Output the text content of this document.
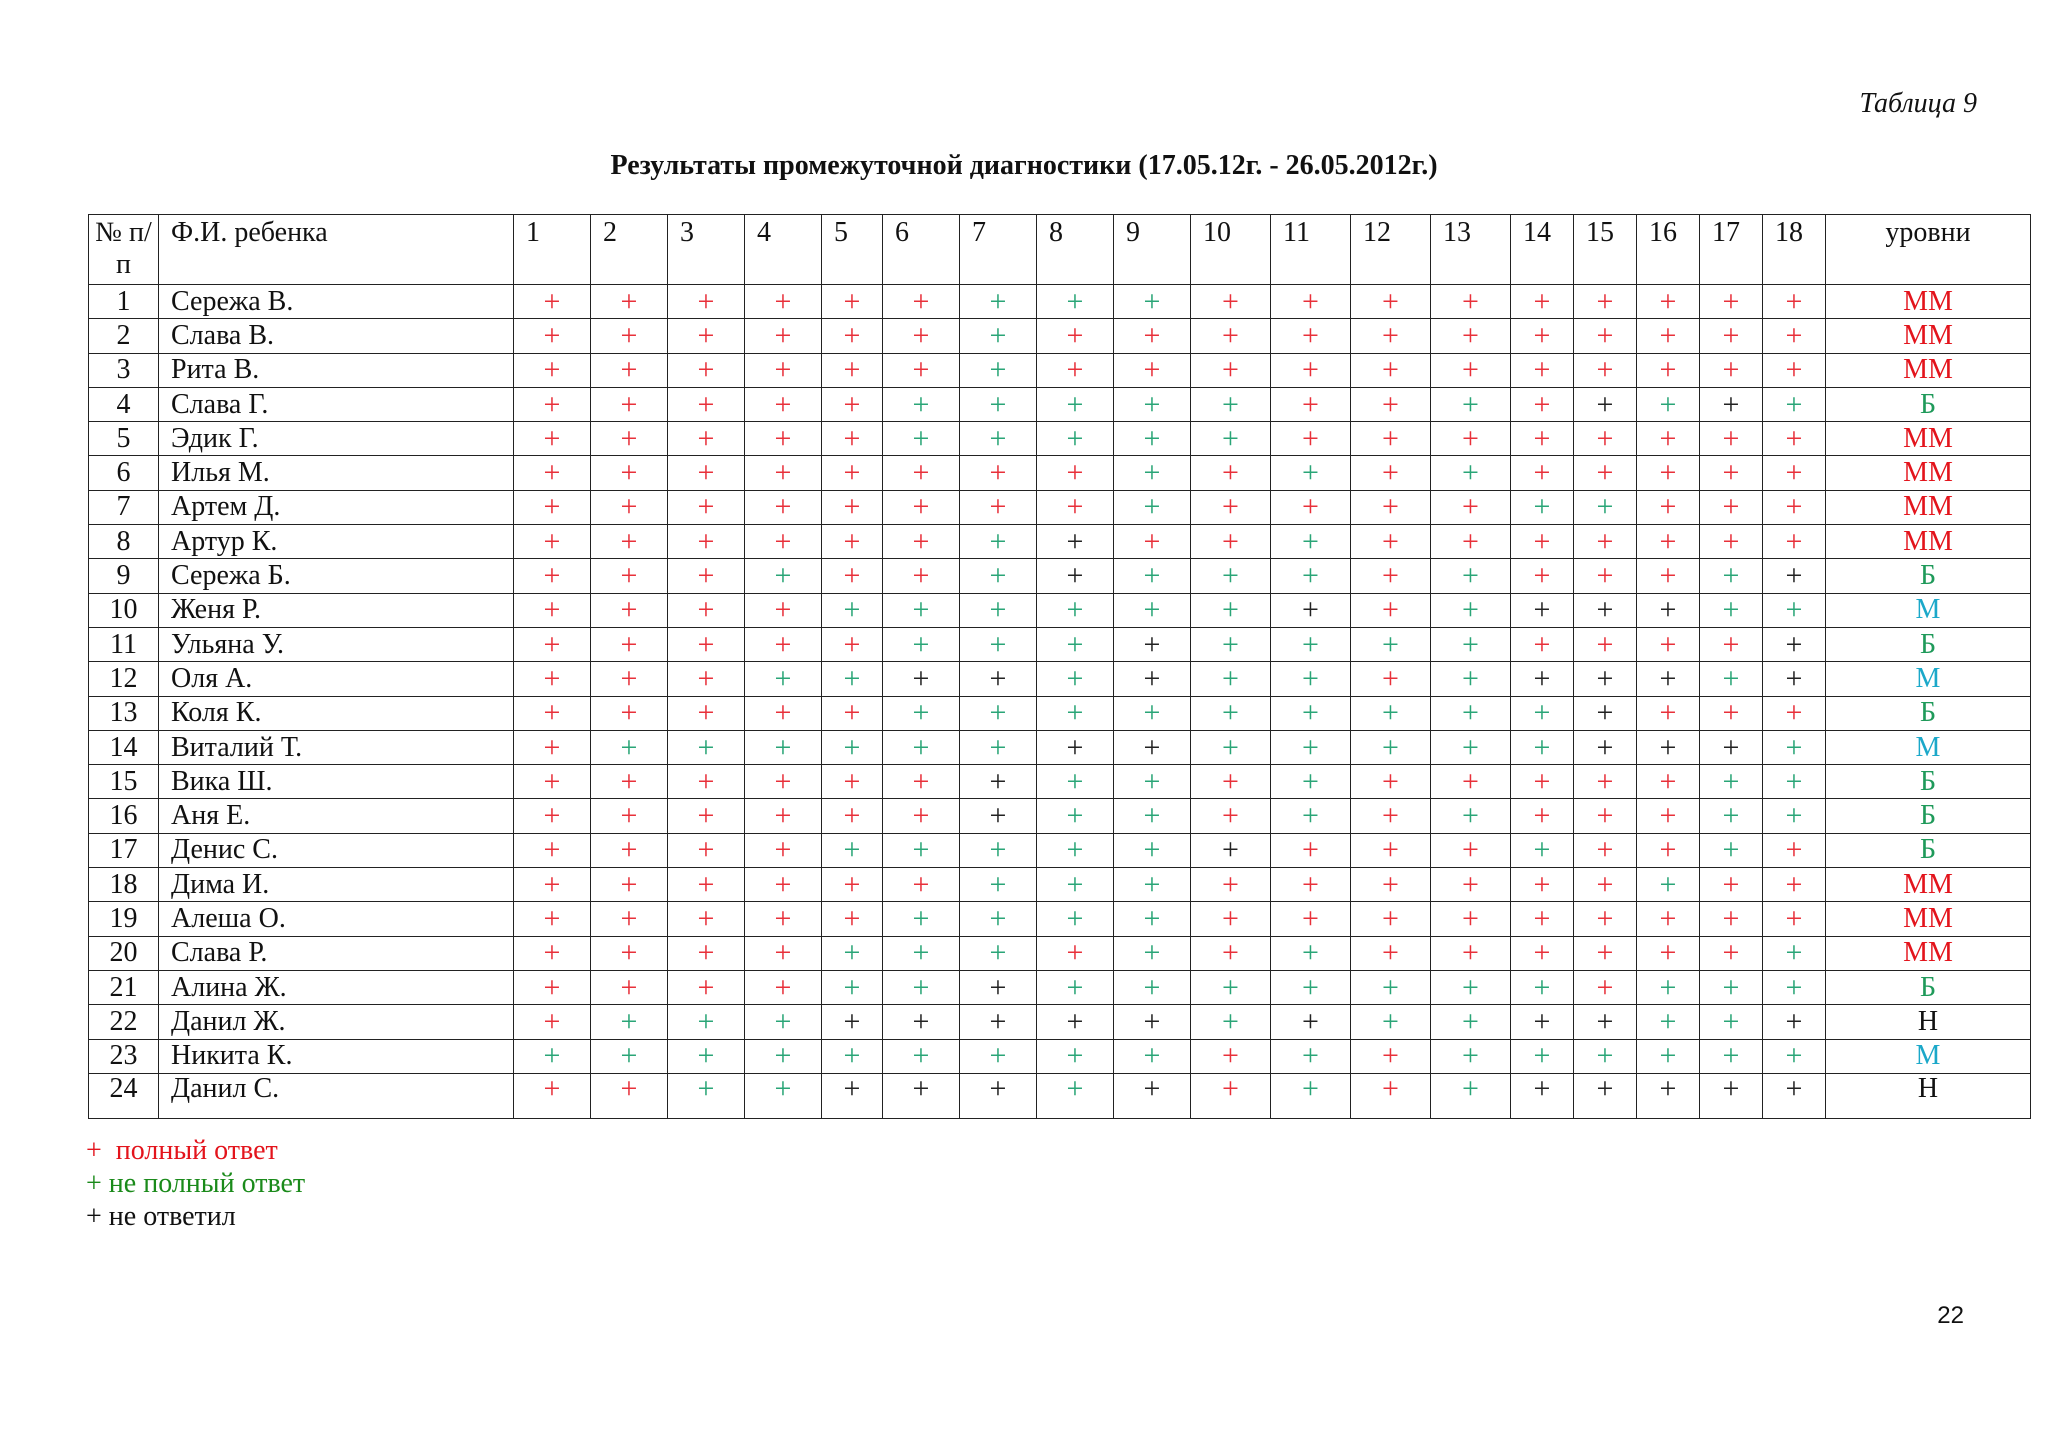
Таблица 9
Результаты промежуточной диагностики (17.05.12г. - 26.05.2012г.)
№ п/п	Ф.И. ребенка	1	2	3	4	5	6	7	8	9	10	11	12	13	14	15	16	17	18	уровни
1	Сережа В.	+	+	+	+	+	+	+	+	+	+	+	+	+	+	+	+	+	+	ММ
2	Слава В.	+	+	+	+	+	+	+	+	+	+	+	+	+	+	+	+	+	+	ММ
3	Рита В.	+	+	+	+	+	+	+	+	+	+	+	+	+	+	+	+	+	+	ММ
4	Слава Г.	+	+	+	+	+	+	+	+	+	+	+	+	+	+	+	+	+	+	Б
5	Эдик Г.	+	+	+	+	+	+	+	+	+	+	+	+	+	+	+	+	+	+	ММ
6	Илья М.	+	+	+	+	+	+	+	+	+	+	+	+	+	+	+	+	+	+	ММ
7	Артем Д.	+	+	+	+	+	+	+	+	+	+	+	+	+	+	+	+	+	+	ММ
8	Артур К.	+	+	+	+	+	+	+	+	+	+	+	+	+	+	+	+	+	+	ММ
9	Сережа Б.	+	+	+	+	+	+	+	+	+	+	+	+	+	+	+	+	+	+	Б
10	Женя Р.	+	+	+	+	+	+	+	+	+	+	+	+	+	+	+	+	+	+	М
11	Ульяна У.	+	+	+	+	+	+	+	+	+	+	+	+	+	+	+	+	+	+	Б
12	Оля А.	+	+	+	+	+	+	+	+	+	+	+	+	+	+	+	+	+	+	М
13	Коля К.	+	+	+	+	+	+	+	+	+	+	+	+	+	+	+	+	+	+	Б
14	Виталий Т.	+	+	+	+	+	+	+	+	+	+	+	+	+	+	+	+	+	+	М
15	Вика Ш.	+	+	+	+	+	+	+	+	+	+	+	+	+	+	+	+	+	+	Б
16	Аня Е.	+	+	+	+	+	+	+	+	+	+	+	+	+	+	+	+	+	+	Б
17	Денис С.	+	+	+	+	+	+	+	+	+	+	+	+	+	+	+	+	+	+	Б
18	Дима И.	+	+	+	+	+	+	+	+	+	+	+	+	+	+	+	+	+	+	ММ
19	Алеша О.	+	+	+	+	+	+	+	+	+	+	+	+	+	+	+	+	+	+	ММ
20	Слава Р.	+	+	+	+	+	+	+	+	+	+	+	+	+	+	+	+	+	+	ММ
21	Алина Ж.	+	+	+	+	+	+	+	+	+	+	+	+	+	+	+	+	+	+	Б
22	Данил Ж.	+	+	+	+	+	+	+	+	+	+	+	+	+	+	+	+	+	+	Н
23	Никита К.	+	+	+	+	+	+	+	+	+	+	+	+	+	+	+	+	+	+	М
24	Данил С.	+	+	+	+	+	+	+	+	+	+	+	+	+	+	+	+	+	+	Н
+ полный ответ
+ не полный ответ
+ не ответил
22
